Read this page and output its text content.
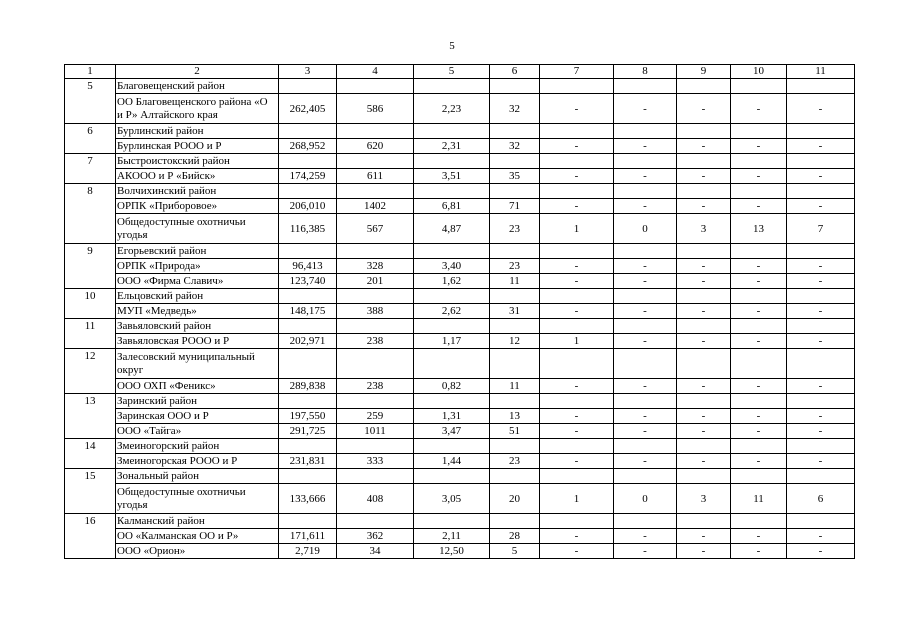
5
1	2	3	4	5	6	7	8	9	10	11
5	Благовещенский район									
	ОО Благовещенского района «О и Р» Алтайского края	262,405	586	2,23	32	-	-	-	-	-
6	Бурлинский район									
	Бурлинская РООО и Р	268,952	620	2,31	32	-	-	-	-	-
7	Быстроистокский район									
	АКООО и Р «Бийск»	174,259	611	3,51	35	-	-	-	-	-
8	Волчихинский район									
	ОРПК «Приборовое»	206,010	1402	6,81	71	-	-	-	-	-
	Общедоступные охотничьи угодья	116,385	567	4,87	23	1	0	3	13	7
9	Егорьевский район									
	ОРПК «Природа»	96,413	328	3,40	23	-	-	-	-	-
	ООО «Фирма Славич»	123,740	201	1,62	11	-	-	-	-	-
10	Ельцовский район									
	МУП «Медведь»	148,175	388	2,62	31	-	-	-	-	-
11	Завьяловский район									
	Завьяловская РООО и Р	202,971	238	1,17	12	1	-	-	-	-
12	Залесовский муниципальный округ									
	ООО ОХП «Феникс»	289,838	238	0,82	11	-	-	-	-	-
13	Заринский район									
	Заринская ООО и Р	197,550	259	1,31	13	-	-	-	-	-
	ООО «Тайга»	291,725	1011	3,47	51	-	-	-	-	-
14	Змеиногорский район									
	Змеиногорская РООО и Р	231,831	333	1,44	23	-	-	-	-	-
15	Зональный район									
	Общедоступные охотничьи угодья	133,666	408	3,05	20	1	0	3	11	6
16	Калманский район									
	ОО «Калманская ОО и Р»	171,611	362	2,11	28	-	-	-	-	-
	ООО «Орион»	2,719	34	12,50	5	-	-	-	-	-
